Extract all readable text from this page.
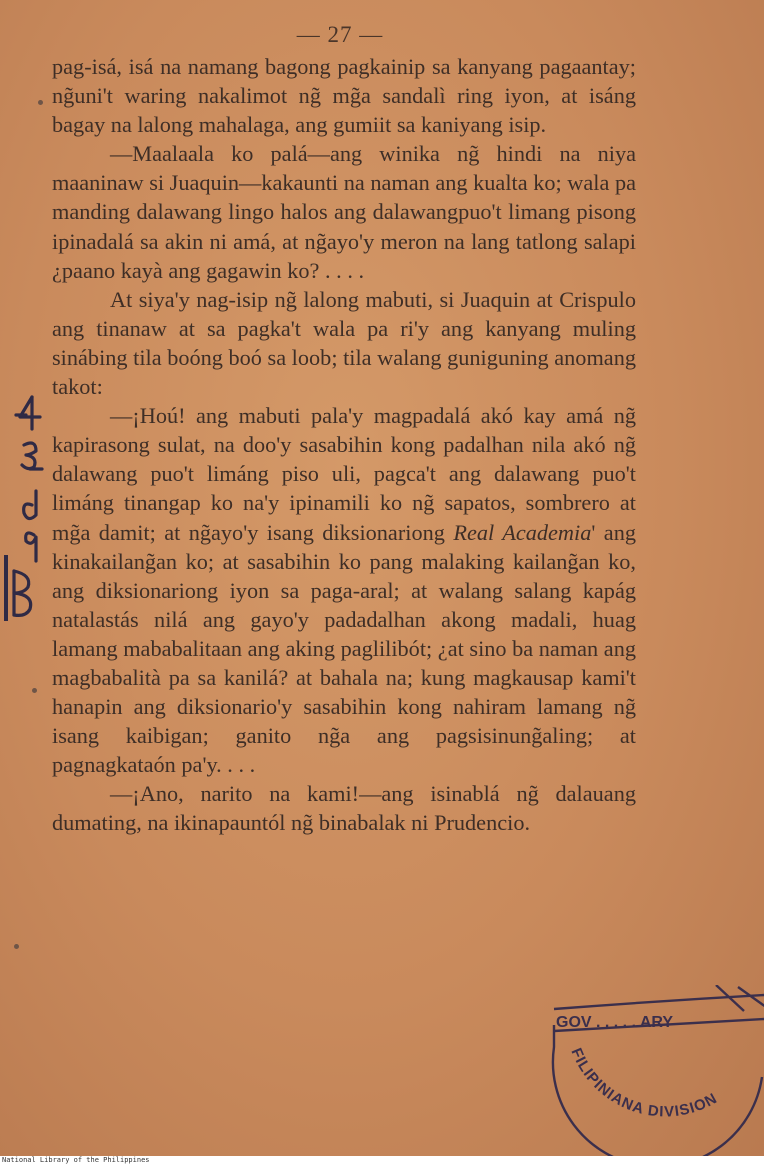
— 27 —

pag-isá, isá na namang bagong pagkainip sa kanyang pagaantay; ng̃uni't waring nakalimot ng̃ mg̃a sandalì ring iyon, at isáng bagay na lalong mahalaga, ang gumiit sa kaniyang isip.

—Maalaala ko palá—ang winika ng̃ hindi na niya maaninaw si Juaquin—kakaunti na naman ang kualta ko; wala pa manding dalawang lingo halos ang dalawangpuo't limang pisong ipinadalá sa akin ni amá, at ng̃ayo'y meron na lang tatlong salapi ¿paano kayà ang gagawin ko? . . . .

At siya'y nag-isip ng̃ lalong mabuti, si Juaquin at Crispulo ang tinanaw at sa pagka't wala pa ri'y ang kanyang muling sinábing tila boóng boó sa loob; tila walang guniguning anomang takot:

—¡Hoú! ang mabuti pala'y magpadalá akó kay amá ng̃ kapirasong sulat, na doo'y sasabihin kong padalhan nila akó ng̃ dalawang puo't limáng piso uli, pagca't ang dalawang puo't limáng tinangap ko na'y ipinamili ko ng̃ sapatos, sombrero at mg̃a damit; at ng̃ayo'y isang diksionariong Real Academia' ang kinakailang̃an ko; at sasabihin ko pang malaking kailang̃an ko, ang diksionariong iyon sa paga-aral; at walang salang kapág natalastás nilá ang gayo'y padadalhan akong madali, huag lamang mababalitaan ang aking paglilibót; ¿at sino ba naman ang magbabalità pa sa kanilá? at bahala na; kung magkausap kami't hanapin ang diksionario'y sasabihin kong nahiram lamang ng̃ isang kaibigan; ganito ng̃a ang pagsisinung̃aling; at pagnagkataón pa'y. . . .

—¡Ano, narito na kami!—ang isinablá ng̃ dalauang dumating, na ikinapauntól ng̃ binabalak ni Prudencio.

GOV . . . . . ARY
FILIPINIANA DIVISION
National Library of the Philippines
